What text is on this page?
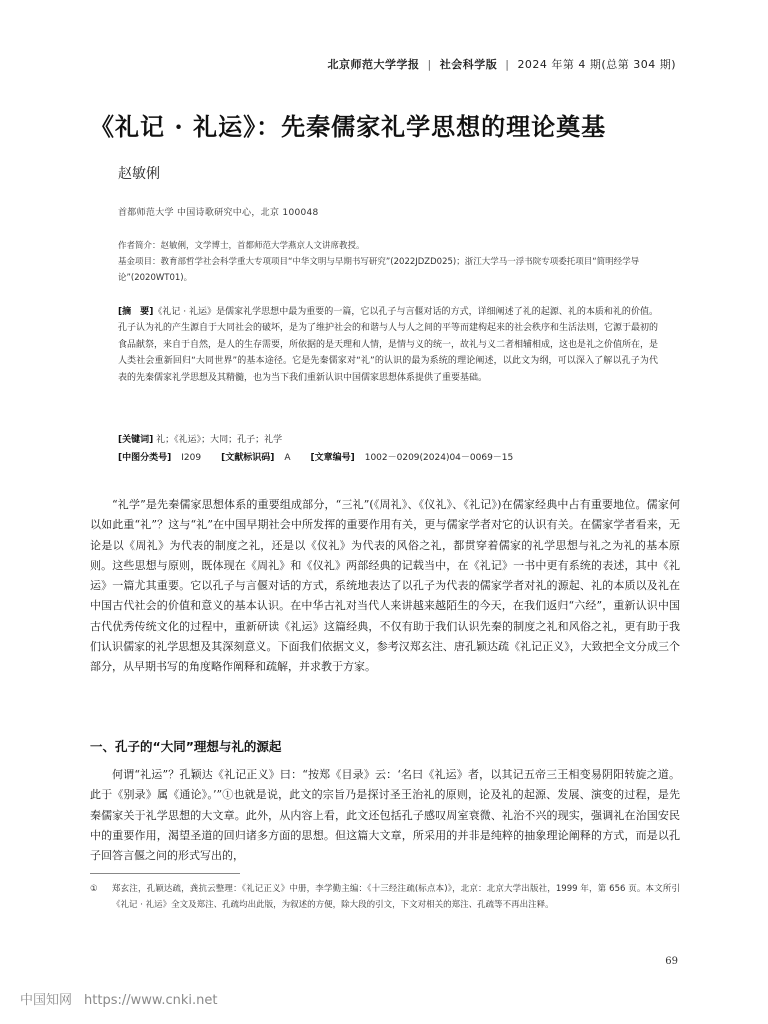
北京师范大学学报 | 社会科学版 | 2024 年第 4 期(总第 304 期)
《礼记 · 礼运》：先秦儒家礼学思想的理论奠基
赵敏俐
首都师范大学 中国诗歌研究中心，北京 100048

作者简介：赵敏俐，文学博士，首都师范大学燕京人文讲席教授。

基金项目：教育部哲学社会科学重大专项项目“中华文明与早期书写研究”(2022JDZD025)；浙江大学马一浮书院专项委托项目“简明经学导论”(2020WT01)。

[摘　要]《礼记 · 礼运》是儒家礼学思想中最为重要的一篇，它以孔子与言偃对话的方式，详细阐述了礼的起源、礼的本质和礼的价值。孔子认为礼的产生源自于大同社会的破坏，是为了维护社会的和谐与人与人之间的平等而建构起来的社会秩序和生活法则，它源于最初的食品献祭，来自于自然，是人的生存需要，所依据的是天理和人情，是情与义的统一，故礼与义二者相辅相成，这也是礼之价值所在，是人类社会重新回归“大同世界”的基本途径。它是先秦儒家对“礼”的认识的最为系统的理论阐述，以此文为纲，可以深入了解以孔子为代表的先秦儒家礼学思想及其精髓，也为当下我们重新认识中国儒家思想体系提供了重要基础。
[关键词] 礼；《礼运》；大同；孔子；礼学
[中图分类号] I209 [文献标识码] A [文章编号] 1002－0209(2024)04－0069－15

“礼学”是先秦儒家思想体系的重要组成部分，“三礼”(《周礼》、《仪礼》、《礼记》)在儒家经典中占有重要地位。儒家何以如此重“礼”？这与“礼”在中国早期社会中所发挥的重要作用有关，更与儒家学者对它的认识有关。在儒家学者看来，无论是以《周礼》为代表的制度之礼，还是以《仪礼》为代表的风俗之礼，都贯穿着儒家的礼学思想与礼之为礼的基本原则。这些思想与原则，既体现在《周礼》和《仪礼》两部经典的记载当中，在《礼记》一书中更有系统的表述，其中《礼运》一篇尤其重要。它以孔子与言偃对话的方式，系统地表达了以孔子为代表的儒家学者对礼的源起、礼的本质以及礼在中国古代社会的价值和意义的基本认识。在中华古礼对当代人来讲越来越陌生的今天，在我们返归“六经”，重新认识中国古代优秀传统文化的过程中，重新研读《礼运》这篇经典，不仅有助于我们认识先秦的制度之礼和风俗之礼，更有助于我们认识儒家的礼学思想及其深刻意义。下面我们依据文义，参考汉郑玄注、唐孔颖达疏《礼记正义》，大致把全文分成三个部分，从早期书写的角度略作阐释和疏解，并求教于方家。

一、孔子的“大同”理想与礼的源起

何谓“礼运”？孔颖达《礼记正义》曰：“按郑《目录》云：‘名曰《礼运》者，以其记五帝三王相变易阴阳转旋之道。此于《别录》属《通论》。’”①也就是说，此文的宗旨乃是探讨圣王治礼的原则，论及礼的起源、发展、演变的过程，是先秦儒家关于礼学思想的大文章。此外，从内容上看，此文还包括孔子感叹周室衰微、礼治不兴的现实，强调礼在治国安民中的重要作用，渴望圣道的回归诸多方面的思想。但这篇大文章，所采用的并非是纯粹的抽象理论阐释的方式，而是以孔子回答言偃之问的形式写出的，

①	郑玄注，孔颖达疏，龚抗云整理：《礼记正义》中册，李学勤主编：《十三经注疏(标点本)》，北京：北京大学出版社，1999 年，第 656 页。本文所引《礼记 · 礼运》全文及郑注、孔疏均出此版，为叙述的方便，除大段的引文，下文对相关的郑注、孔疏等不再出注释。
69
中国知网 https://www.cnki.net
